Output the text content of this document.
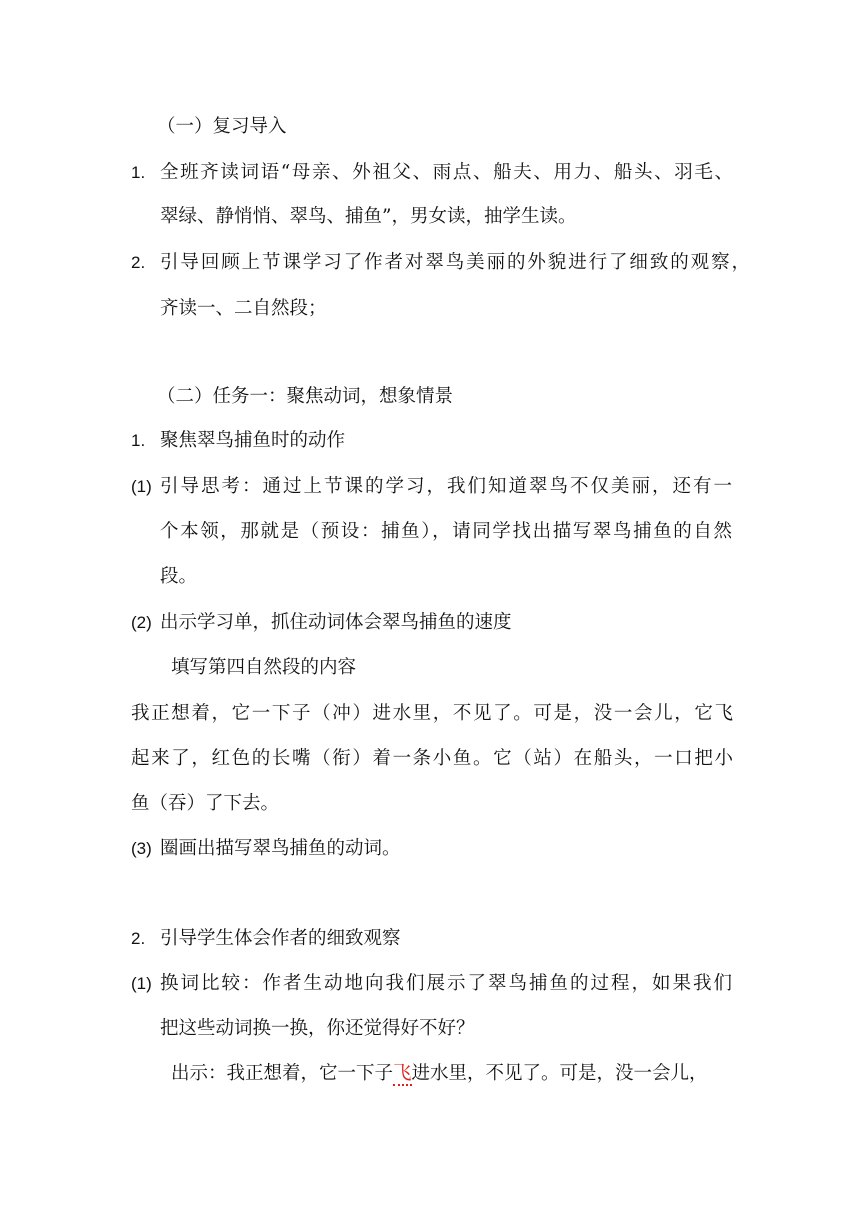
（一）复习导入
1. 全班齐读词语“母亲、外祖父、雨点、船夫、用力、船头、羽毛、
翠绿、静悄悄、翠鸟、捕鱼”，男女读，抽学生读。
2. 引导回顾上节课学习了作者对翠鸟美丽的外貌进行了细致的观察，
齐读一、二自然段；
（二）任务一：聚焦动词，想象情景
1. 聚焦翠鸟捕鱼时的动作
(1) 引导思考：通过上节课的学习，我们知道翠鸟不仅美丽，还有一
个本领，那就是（预设：捕鱼），请同学找出描写翠鸟捕鱼的自然
段。
(2) 出示学习单，抓住动词体会翠鸟捕鱼的速度
填写第四自然段的内容
我正想着，它一下子（冲）进水里，不见了。可是，没一会儿，它飞
起来了，红色的长嘴（衔）着一条小鱼。它（站）在船头，一口把小
鱼（吞）了下去。
(3) 圈画出描写翠鸟捕鱼的动词。
2. 引导学生体会作者的细致观察
(1) 换词比较：作者生动地向我们展示了翠鸟捕鱼的过程，如果我们
把这些动词换一换，你还觉得好不好？
出示：我正想着，它一下子飞进水里，不见了。可是，没一会儿，
